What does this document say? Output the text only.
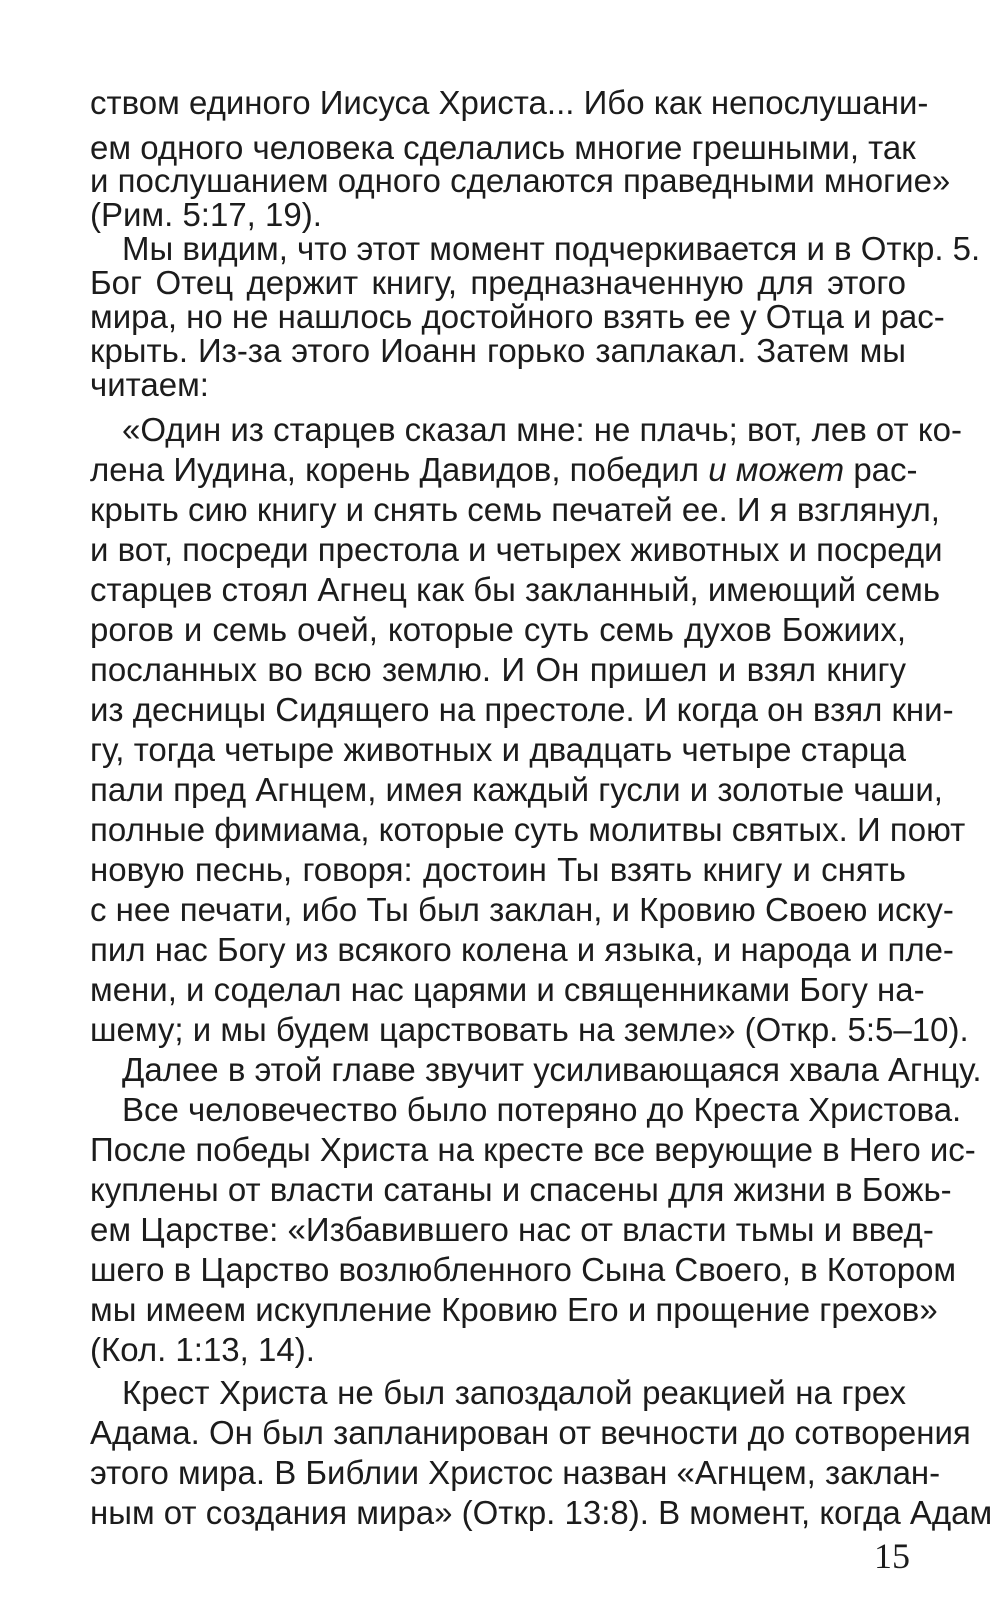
ством единого Иисуса Христа... Ибо как непослушани-
ем одного человека сделались многие грешными, так
и послушанием одного сделаются праведными многие»
(Рим. 5:17, 19).
Мы видим, что этот момент подчеркивается и в Откр. 5.
Бог Отец держит книгу, предназначенную для этого
мира, но не нашлось достойного взять ее у Отца и рас-
крыть. Из-за этого Иоанн горько заплакал. Затем мы
читаем:
«Один из старцев сказал мне: не плачь; вот, лев от ко-
лена Иудина, корень Давидов, победил и может рас-
крыть сию книгу и снять семь печатей ее. И я взглянул,
и вот, посреди престола и четырех животных и посреди
старцев стоял Агнец как бы закланный, имеющий семь
рогов и семь очей, которые суть семь духов Божиих,
посланных во всю землю. И Он пришел и взял книгу
из десницы Сидящего на престоле. И когда он взял кни-
гу, тогда четыре животных и двадцать четыре старца
пали пред Агнцем, имея каждый гусли и золотые чаши,
полные фимиама, которые суть молитвы святых. И поют
новую песнь, говоря: достоин Ты взять книгу и снять
с нее печати, ибо Ты был заклан, и Кровию Своею иску-
пил нас Богу из всякого колена и языка, и народа и пле-
мени, и соделал нас царями и священниками Богу на-
шему; и мы будем царствовать на земле» (Откр. 5:5–10).
Далее в этой главе звучит усиливающаяся хвала Агнцу.
Все человечество было потеряно до Креста Христова.
После победы Христа на кресте все верующие в Него ис-
куплены от власти сатаны и спасены для жизни в Божь-
ем Царстве: «Избавившего нас от власти тьмы и введ-
шего в Царство возлюбленного Сына Своего, в Котором
мы имеем искупление Кровию Его и прощение грехов»
(Кол. 1:13, 14).
Крест Христа не был запоздалой реакцией на грех
Адама. Он был запланирован от вечности до сотворения
этого мира. В Библии Христос назван «Агнцем, заклан-
ным от создания мира» (Откр. 13:8). В момент, когда Адам
15
